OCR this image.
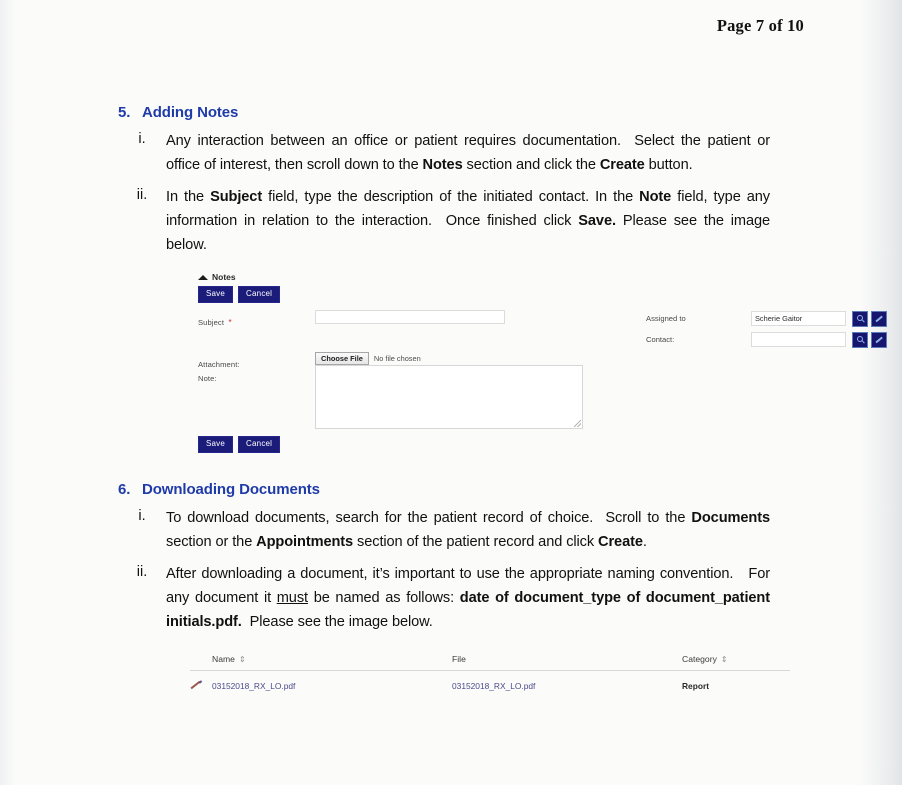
Page 7 of 10
5. Adding Notes
i.	Any interaction between an office or patient requires documentation.  Select the patient or office of interest, then scroll down to the Notes section and click the Create button.
ii.	In the Subject field, type the description of the initiated contact. In the Note field, type any information in relation to the interaction.  Once finished click Save. Please see the image below.
Notes
Save	Cancel
Subject *
Attachment:
Choose File	No file chosen
Note:
Assigned to	Scherie Gaitor
Contact:
Save	Cancel
6. Downloading Documents
i.	To download documents, search for the patient record of choice.  Scroll to the Documents section or the Appointments section of the patient record and click Create.
ii.	After downloading a document, it’s important to use the appropriate naming convention.   For any document it must be named as follows: date of document_type of document_patient initials.pdf.  Please see the image below.
	Name ⇕	File	Category ⇕
	03152018_RX_LO.pdf	03152018_RX_LO.pdf	Report
